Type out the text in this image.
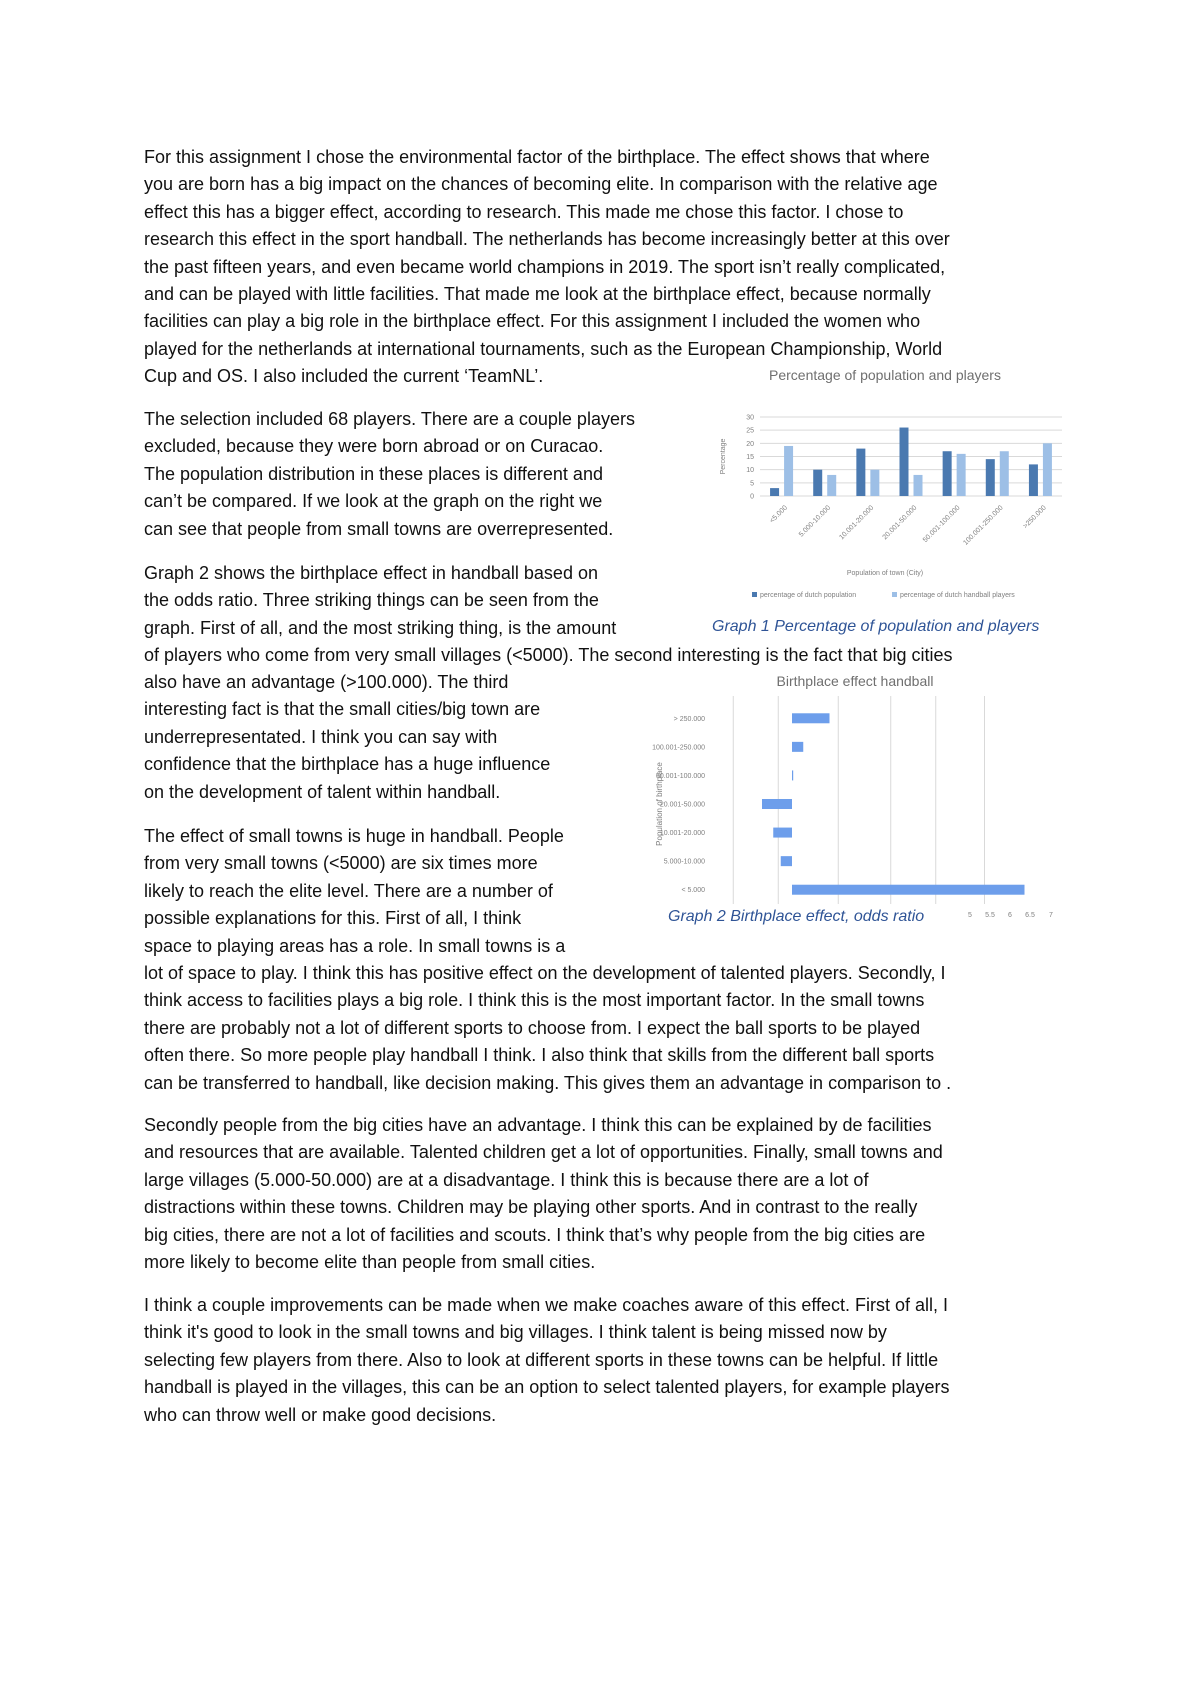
For this assignment I chose the environmental factor of the birthplace. The effect shows that where
you are born has a big impact on the chances of becoming elite. In comparison with the relative age
effect this has a bigger effect, according to research. This made me chose this factor. I chose to
research this effect in the sport handball. The netherlands has become increasingly better at this over
the past fifteen years, and even became world champions in 2019. The sport isn’t really complicated,
and can be played with little facilities. That made me look at the birthplace effect, because normally
facilities can play a big role in the birthplace effect. For this assignment I included the women who
played for the netherlands at international tournaments, such as the European Championship, World
Cup and OS. I also included the current ‘TeamNL’.
The selection included 68 players. There are a couple players
excluded, because they were born abroad or on Curacao.
The population distribution in these places is different and
can’t be compared. If we look at the graph on the right we
can see that people from small towns are overrepresented.
Graph 2 shows the birthplace effect in handball based on
the odds ratio. Three striking things can be seen from the
graph. First of all, and the most striking thing, is the amount
of players who come from very small villages (<5000). The second interesting is the fact that big cities
also have an advantage (>100.000). The third
interesting fact is that the small cities/big town are
underrepresentated. I think you can say with
confidence that the birthplace has a huge influence
on the development of talent within handball.
The effect of small towns is huge in handball. People
from very small towns (<5000) are six times more
likely to reach the elite level. There are a number of
possible explanations for this. First of all, I think
space to playing areas has a role. In small towns is a
lot of space to play. I think this has positive effect on the development of talented players. Secondly, I
think access to facilities plays a big role. I think this is the most important factor. In the small towns
there are probably not a lot of different sports to choose from. I expect the ball sports to be played
often there. So more people play handball I think. I also think that skills from the different ball sports
can be transferred to handball, like decision making. This gives them an advantage in comparison to .
Secondly people from the big cities have an advantage. I think this can be explained by de facilities
and resources that are available. Talented children get a lot of opportunities. Finally, small towns and
large villages (5.000-50.000) are at a disadvantage. I think this is because there are a lot of
distractions within these towns. Children may be playing other sports. And in contrast to the really
big cities, there are not a lot of facilities and scouts. I think that’s why people from the big cities are
more likely to become elite than people from small cities.
I think a couple improvements can be made when we make coaches aware of this effect. First of all, I
think it's good to look in the small towns and big villages. I think talent is being missed now by
selecting few players from there. Also to look at different sports in these towns can be helpful. If little
handball is played in the villages, this can be an option to select talented players, for example players
who can throw well or make good decisions.
Percentage of population and players
0
5
10
15
20
25
30
Percentage
<5.000 5.000-10.000 10.001-20.000 20.001-50.000 50.001-100.000 100.001-250.000 >250.000
Population of town (City)
percentage of dutch population	percentage of dutch handball players
Graph 1 Percentage of population and players
Birthplace effect handball
> 250.000
100.001-250.000
50.001-100.000
20.001-50.000
10.001-20.000
5.000-10.000
< 5.000
Population of birthplace
5 5.5 6 6.5 7
Graph 2 Birthplace effect, odds ratio
